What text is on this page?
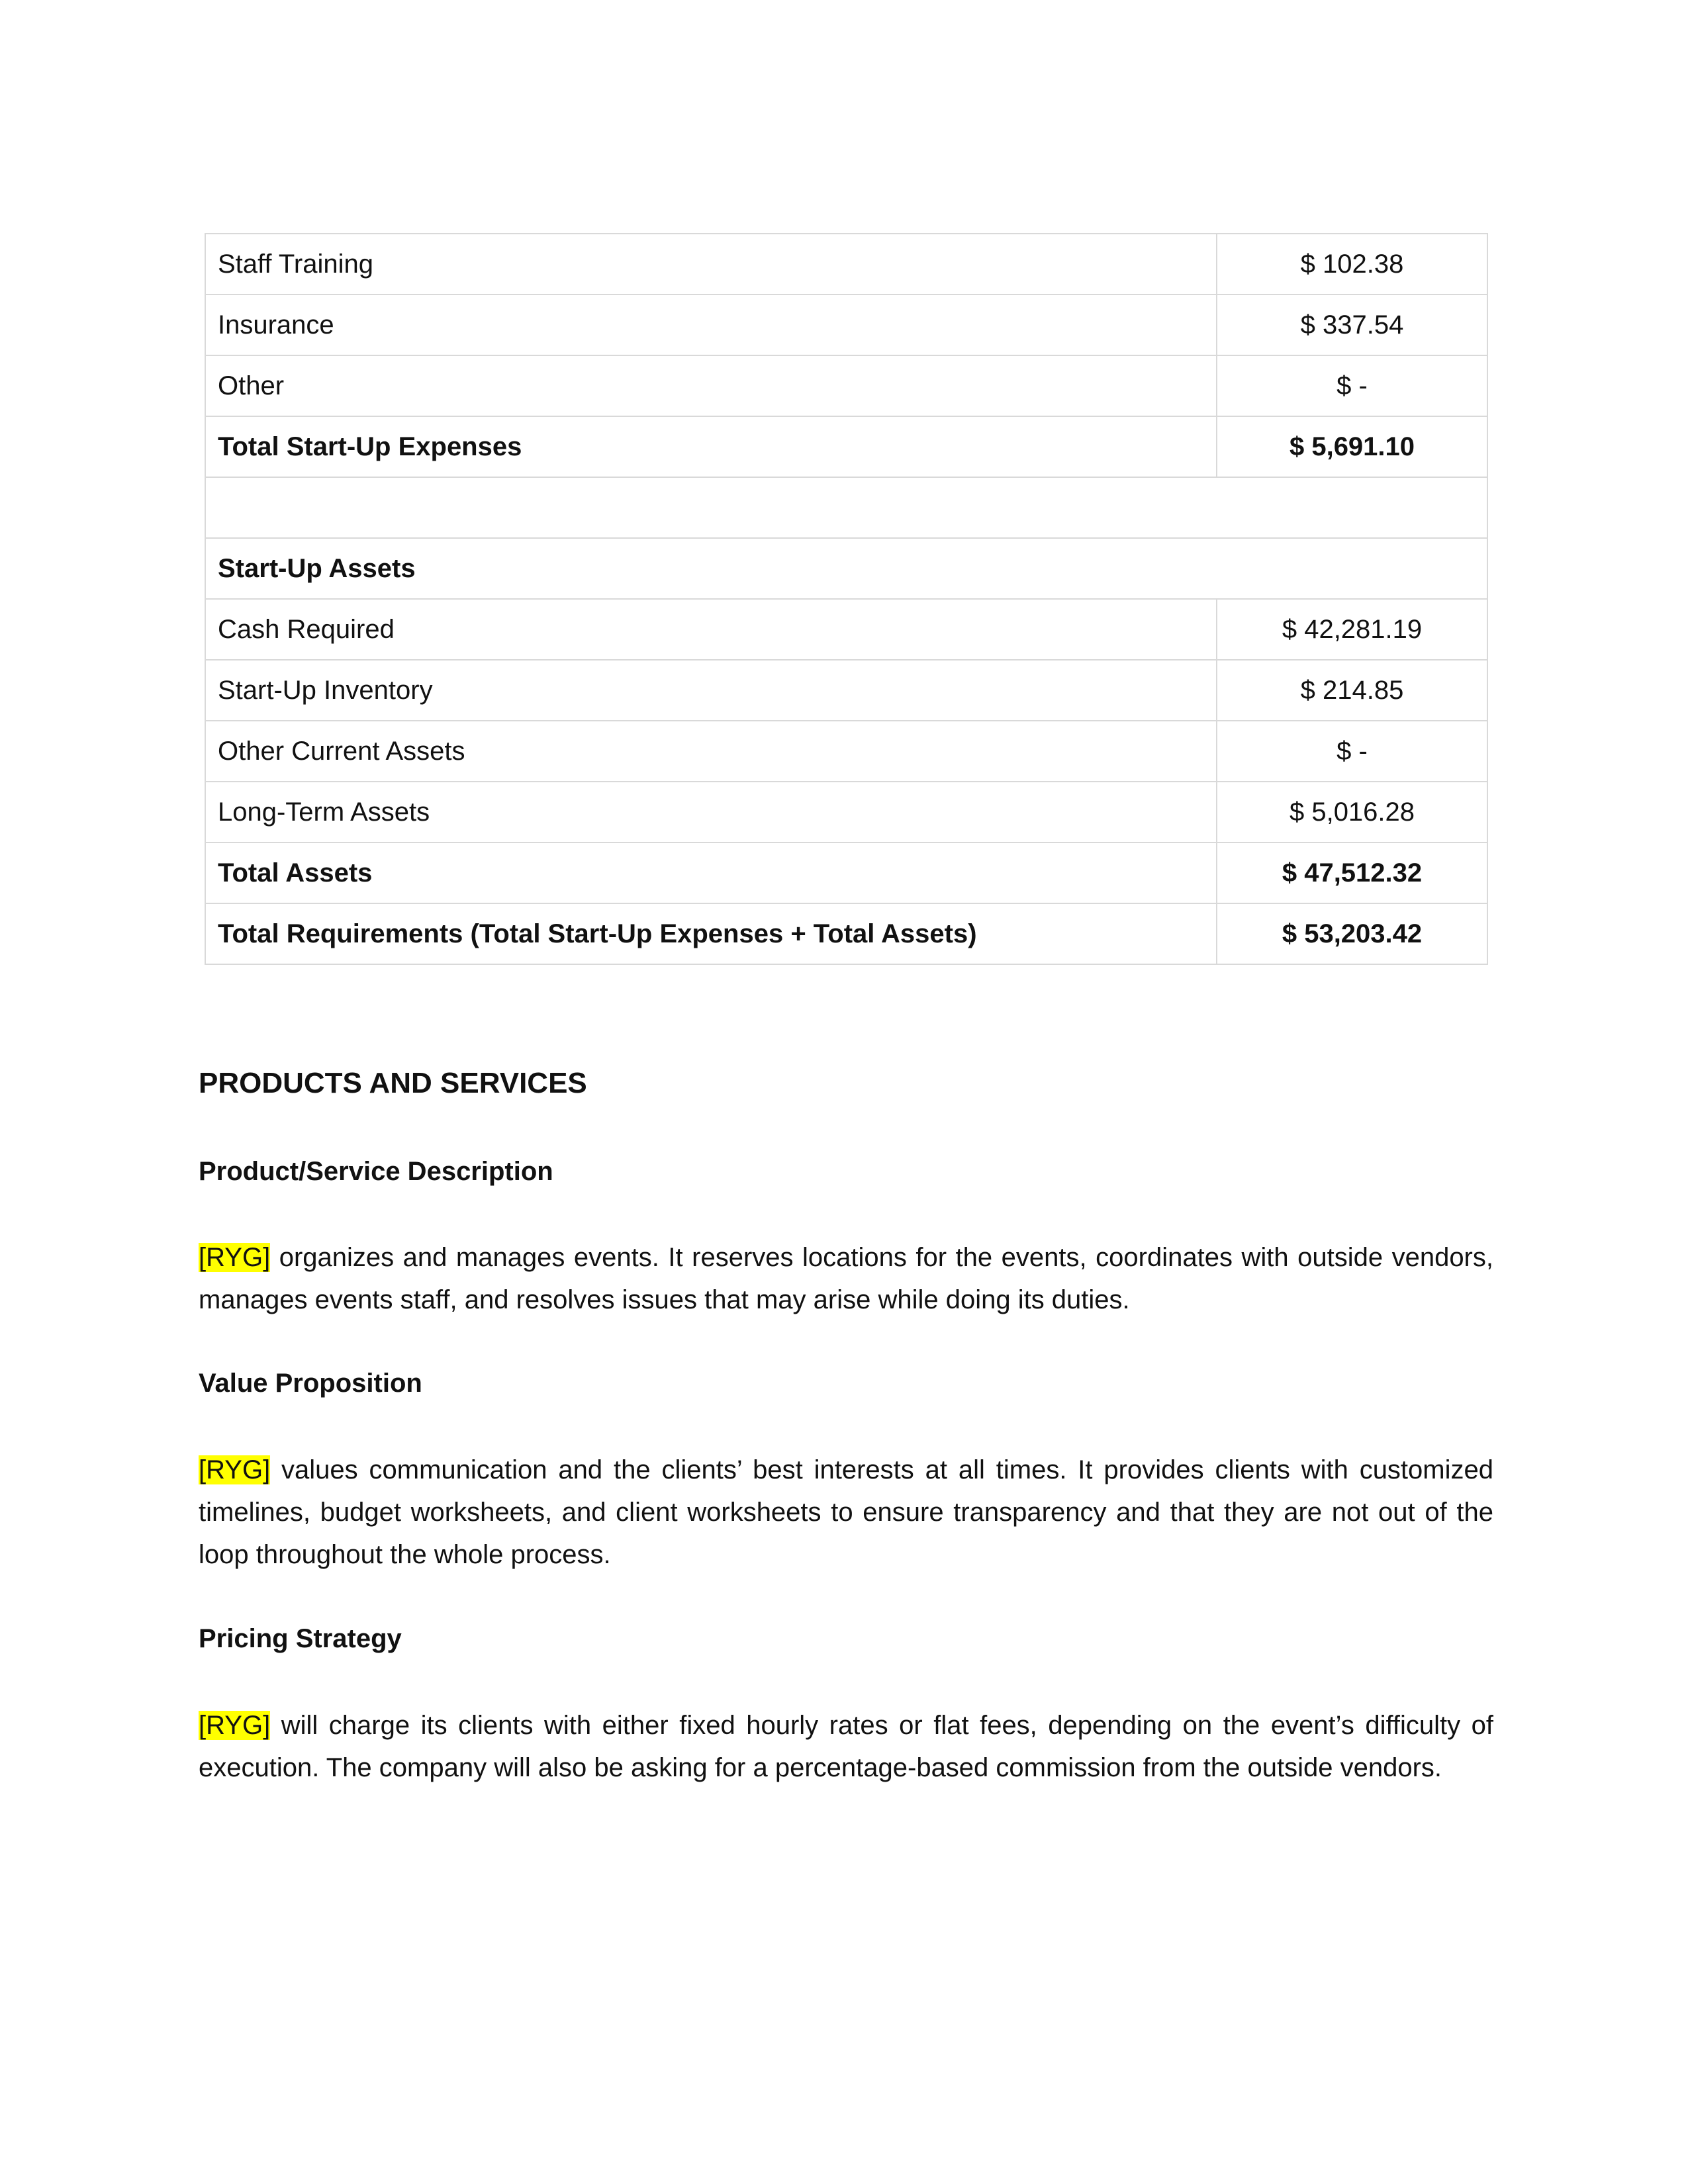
Staff Training	$ 102.38
Insurance	$ 337.54
Other	$ -
Total Start-Up Expenses	$ 5,691.10

Start-Up Assets	
Cash Required	$ 42,281.19
Start-Up Inventory	$ 214.85
Other Current Assets	$ -
Long-Term Assets	$ 5,016.28
Total Assets	$ 47,512.32
Total Requirements (Total Start-Up Expenses + Total Assets)	$ 53,203.42
PRODUCTS AND SERVICES
Product/Service Description

[RYG] organizes and manages events. It reserves locations for the events, coordinates with outside vendors, manages events staff, and resolves issues that may arise while doing its duties.

Value Proposition

[RYG] values communication and the clients’ best interests at all times. It provides clients with customized timelines, budget worksheets, and client worksheets to ensure transparency and that they are not out of the loop throughout the whole process.

Pricing Strategy

[RYG] will charge its clients with either fixed hourly rates or flat fees, depending on the event’s difficulty of execution. The company will also be asking for a percentage-based commission from the outside vendors.
